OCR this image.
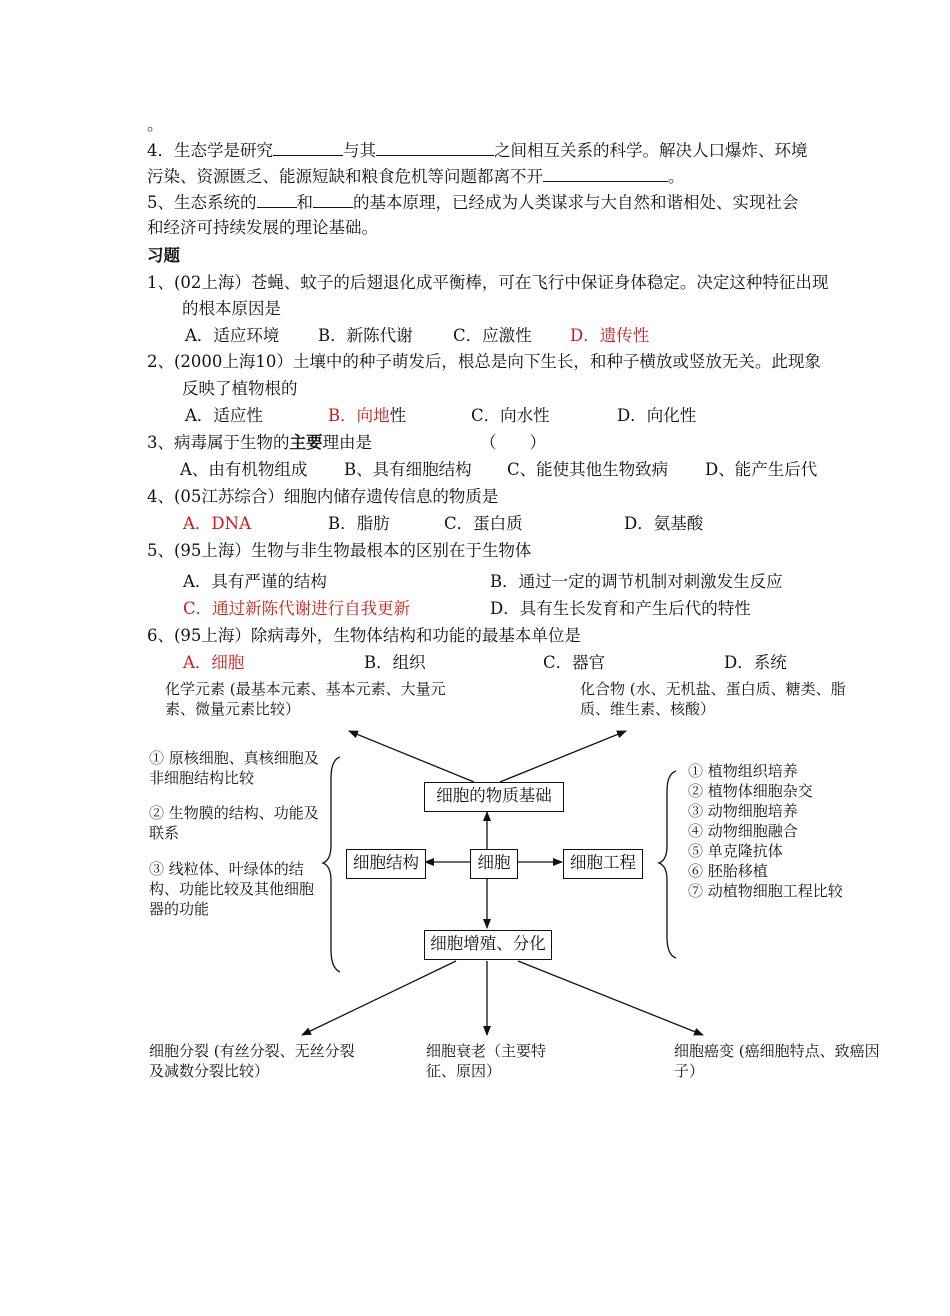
。
4．生态学是研究	与其	之间相互关系的科学。解决人口爆炸、环境
污染、资源匮乏、能源短缺和粮食危机等问题都离不开	。
5、生态系统的 和 的基本原理，已经成为人类谋求与大自然和谐相处、实现社会
和经济可持续发展的理论基础。
习题
1、(02上海）苍蝇、蚊子的后翅退化成平衡棒，可在飞行中保证身体稳定。决定这种特征出现
的根本原因是
A．适应环境 B．新陈代谢 C．应激性 D．遗传性
2、(2000上海10）土壤中的种子萌发后，根总是向下生长，和种子横放或竖放无关。此现象
反映了植物根的
A．适应性	B．向地性	C．向水性	D．向化性
3、病毒属于生物的主要理由是	（　　）
A、由有机物组成 B、具有细胞结构 C、能使其他生物致病 D、能产生后代
4、(05江苏综合）细胞内储存遗传信息的物质是
A．DNA	B．脂肪	C．蛋白质	D．氨基酸
5、(95上海）生物与非生物最根本的区别在于生物体
A．具有严谨的结构	B．通过一定的调节机制对刺激发生反应
C．通过新陈代谢进行自我更新	D．具有生长发育和产生后代的特性
6、(95上海）除病毒外，生物体结构和功能的最基本单位是
A．细胞	B．组织	C．器官	D．系统
化学元素 (最基本元素、基本元素、大量元素、微量元素比较）
化合物 (水、无机盐、蛋白质、糖类、脂质、维生素、核酸）
① 原核细胞、真核细胞及非细胞结构比较
② 生物膜的结构、功能及联系
③ 线粒体、叶绿体的结构、功能比较及其他细胞器的功能
① 植物组织培养
② 植物体细胞杂交
③ 动物细胞培养
④ 动物细胞融合
⑤ 单克隆抗体
⑥ 胚胎移植
⑦ 动植物细胞工程比较
细胞的物质基础
细胞结构	细胞	细胞工程
细胞增殖、分化
细胞分裂 (有丝分裂、无丝分裂及减数分裂比较）
细胞衰老（主要特征、原因）
细胞癌变 (癌细胞特点、致癌因子）
